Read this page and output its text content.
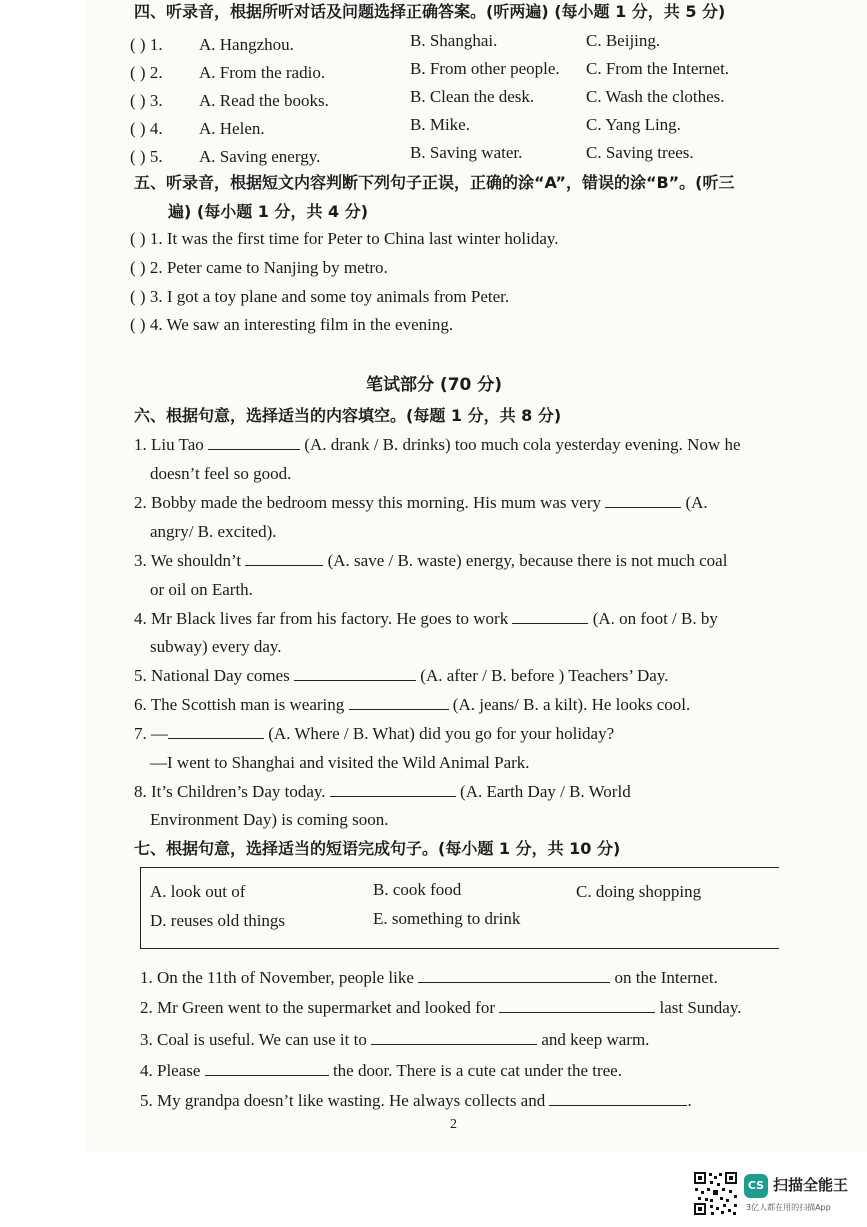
四、听录音，根据所听对话及问题选择正确答案。(听两遍) (每小题 1 分，共 5 分)
( ) 1. A. Hangzhou.	B. Shanghai.	C. Beijing.
( ) 2. A. From the radio.	B. From other people. C. From the Internet.
( ) 3. A. Read the books.	B. Clean the desk.	C. Wash the clothes.
( ) 4. A. Helen.	B. Mike.	C. Yang Ling.
( ) 5. A. Saving energy.	B. Saving water.	C. Saving trees.
五、听录音，根据短文内容判断下列句子正误，正确的涂“A”，错误的涂“B”。(听三
遍) (每小题 1 分，共 4 分)
( ) 1. It was the first time for Peter to China last winter holiday.
( ) 2. Peter came to Nanjing by metro.
( ) 3. I got a toy plane and some toy animals from Peter.
( ) 4. We saw an interesting film in the evening.
笔试部分 (70 分)
六、根据句意，选择适当的内容填空。(每题 1 分，共 8 分)
1. Liu Tao	(A. drank / B. drinks) too much cola yesterday evening. Now he
doesn’t feel so good.
2. Bobby made the bedroom messy this morning. His mum was very	(A.
angry/ B. excited).
3. We shouldn’t	(A. save / B. waste) energy, because there is not much coal
or oil on Earth.
4. Mr Black lives far from his factory. He goes to work	(A. on foot / B. by
subway) every day.
5. National Day comes	(A. after / B. before ) Teachers’ Day.
6. The Scottish man is wearing	(A. jeans/ B. a kilt). He looks cool.
7. —	(A. Where / B. What) did you go for your holiday?
—I went to Shanghai and visited the Wild Animal Park.
8. It’s Children’s Day today.	(A. Earth Day / B. World
Environment Day) is coming soon.
七、根据句意，选择适当的短语完成句子。(每小题 1 分，共 10 分)
A. look out of	B. cook food	C. doing shopping
D. reuses old things	E. something to drink
1. On the 11th of November, people like	on the Internet.
2. Mr Green went to the supermarket and looked for	last Sunday.
3. Coal is useful. We can use it to	and keep warm.
4. Please	the door. There is a cute cat under the tree.
5. My grandpa doesn’t like wasting. He always collects and	.
2
CS 扫描全能王
3亿人都在用的扫描App
